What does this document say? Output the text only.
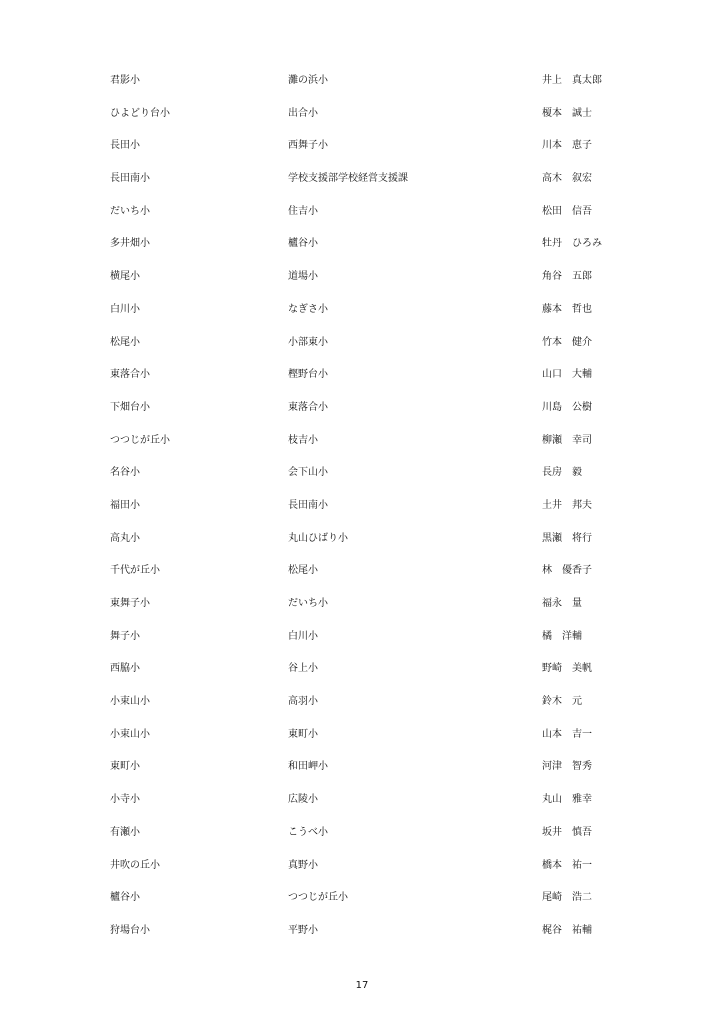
君影小	灘の浜小	井上 真太郎
ひよどり台小	出合小	榎本 誠士
長田小	西舞子小	川本 恵子
長田南小	学校支援部学校経営支援課	高木 叙宏
だいち小	住吉小	松田 信吾
多井畑小	櫨谷小	牡丹 ひろみ
横尾小	道場小	角谷 五郎
白川小	なぎさ小	藤本 哲也
松尾小	小部東小	竹本 健介
東落合小	樫野台小	山口 大輔
下畑台小	東落合小	川島 公樹
つつじが丘小	枝吉小	柳瀬 幸司
名谷小	会下山小	長房 毅
福田小	長田南小	土井 邦夫
高丸小	丸山ひばり小	黒瀬 将行
千代が丘小	松尾小	林 優香子
東舞子小	だいち小	福永 量
舞子小	白川小	橘 洋輔
西脇小	谷上小	野崎 美帆
小束山小	高羽小	鈴木 元
小束山小	東町小	山本 吉一
東町小	和田岬小	河津 智秀
小寺小	広陵小	丸山 雅幸
有瀬小	こうべ小	坂井 慎吾
井吹の丘小	真野小	橋本 祐一
櫨谷小	つつじが丘小	尾崎 浩二
狩場台小	平野小	梶谷 祐輔
17
